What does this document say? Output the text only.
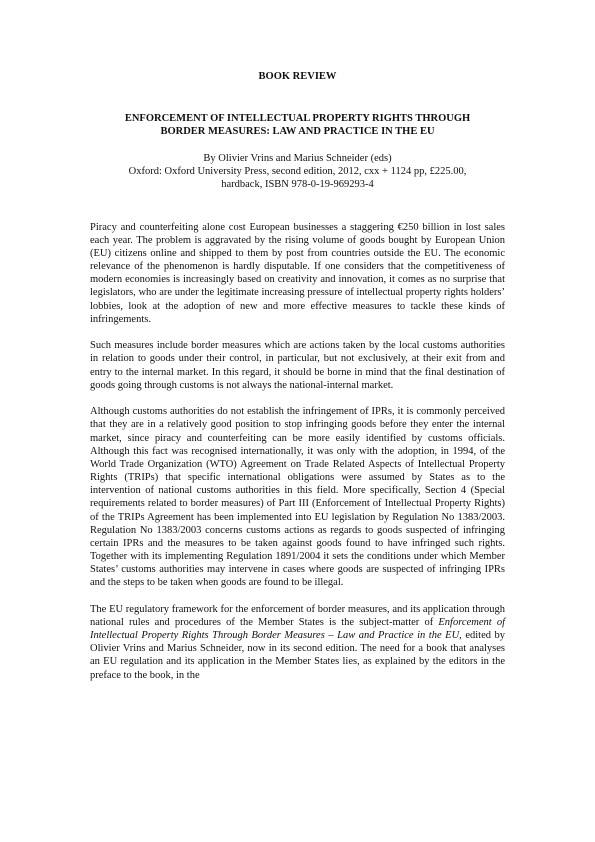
BOOK REVIEW
ENFORCEMENT OF INTELLECTUAL PROPERTY RIGHTS THROUGH
BORDER MEASURES: LAW AND PRACTICE IN THE EU
By Olivier Vrins and Marius Schneider (eds)
Oxford: Oxford University Press, second edition, 2012, cxx + 1124 pp, £225.00,
hardback, ISBN 978-0-19-969293-4

Piracy and counterfeiting alone cost European businesses a staggering €250 billion in lost sales each year. The problem is aggravated by the rising volume of goods bought by European Union (EU) citizens online and shipped to them by post from countries outside the EU. The economic relevance of the phenomenon is hardly disputable. If one considers that the competitiveness of modern economies is increasingly based on creativity and innovation, it comes as no surprise that legislators, who are under the legitimate increasing pressure of intellectual property rights holders’ lobbies, look at the adoption of new and more effective measures to tackle these kinds of infringements.

Such measures include border measures which are actions taken by the local customs authorities in relation to goods under their control, in particular, but not exclusively, at their exit from and entry to the internal market. In this regard, it should be borne in mind that the final destination of goods going through customs is not always the national-internal market.

Although customs authorities do not establish the infringement of IPRs, it is commonly perceived that they are in a relatively good position to stop infringing goods before they enter the internal market, since piracy and counterfeiting can be more easily identified by customs officials. Although this fact was recognised internationally, it was only with the adoption, in 1994, of the World Trade Organization (WTO) Agreement on Trade Related Aspects of Intellectual Property Rights (TRIPs) that specific international obligations were assumed by States as to the intervention of national customs authorities in this field. More specifically, Section 4 (Special requirements related to border measures) of Part III (Enforcement of Intellectual Property Rights) of the TRIPs Agreement has been implemented into EU legislation by Regulation No 1383/2003. Regulation No 1383/2003 concerns customs actions as regards to goods suspected of infringing certain IPRs and the measures to be taken against goods found to have infringed such rights. Together with its implementing Regulation 1891/2004 it sets the conditions under which Member States’ customs authorities may intervene in cases where goods are suspected of infringing IPRs and the steps to be taken when goods are found to be illegal.

The EU regulatory framework for the enforcement of border measures, and its application through national rules and procedures of the Member States is the subject-matter of Enforcement of Intellectual Property Rights Through Border Measures – Law and Practice in the EU, edited by Olivier Vrins and Marius Schneider, now in its second edition. The need for a book that analyses an EU regulation and its application in the Member States lies, as explained by the editors in the preface to the book, in the
